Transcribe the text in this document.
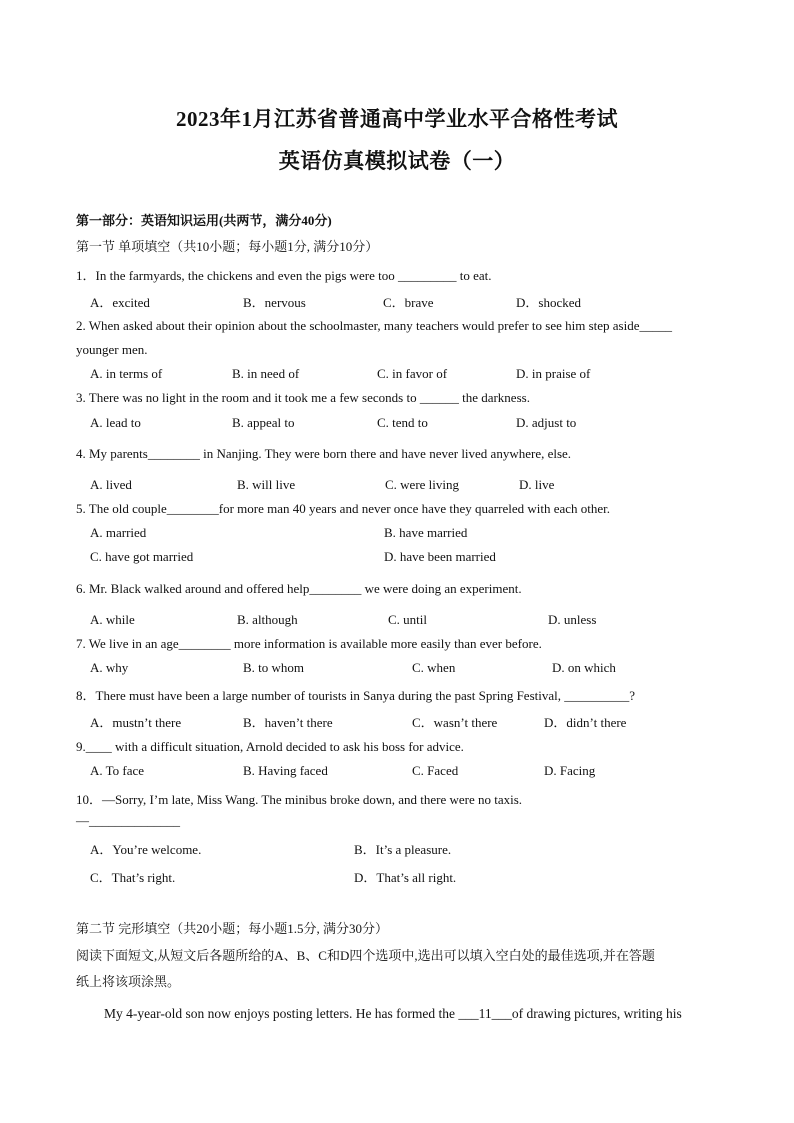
2023年1月江苏省普通高中学业水平合格性考试
英语仿真模拟试卷（一）
第一部分：英语知识运用(共两节，满分40分)
第一节 单项填空（共10小题；每小题1分, 满分10分）
1．In the farmyards, the chickens and even the pigs were too _________ to eat.
A．excited	B．nervous	C．brave	D．shocked
2. When asked about their opinion about the schoolmaster, many teachers would prefer to see him step aside_____
younger men.
A. in terms of	B. in need of	C. in favor of	D. in praise of
3. There was no light in the room and it took me a few seconds to ______ the darkness.
A. lead to	B. appeal to	C. tend to	D. adjust to
4. My parents________ in Nanjing. They were born there and have never lived anywhere, else.
A. lived	B. will live	C. were living	D. live
5. The old couple________for more man 40 years and never once have they quarreled with each other.
A. married	B. have married
C. have got married	D. have been married
6. Mr. Black walked around and offered help________ we were doing an experiment.
A. while	B. although	C. until	D. unless
7. We live in an age________ more information is available more easily than ever before.
A. why	B. to whom	C. when	D. on which
8．There must have been a large number of tourists in Sanya during the past Spring Festival, __________?
A．mustn’t there	B．haven’t there	C．wasn’t there	D．didn’t there
9.____ with a difficult situation, Arnold decided to ask his boss for advice.
A. To face	B. Having faced	C. Faced	D. Facing
10．—Sorry, I’m late, Miss Wang. The minibus broke down, and there were no taxis.
—______________
A．You’re welcome.	B．It’s a pleasure.
C．That’s right.	D．That’s all right.
第二节 完形填空（共20小题；每小题1.5分, 满分30分）
阅读下面短文,从短文后各题所给的A、B、C和D四个选项中,选出可以填入空白处的最佳选项,并在答题
纸上将该项涂黑。
My 4-year-old son now enjoys posting letters. He has formed the ___11___of drawing pictures, writing his
